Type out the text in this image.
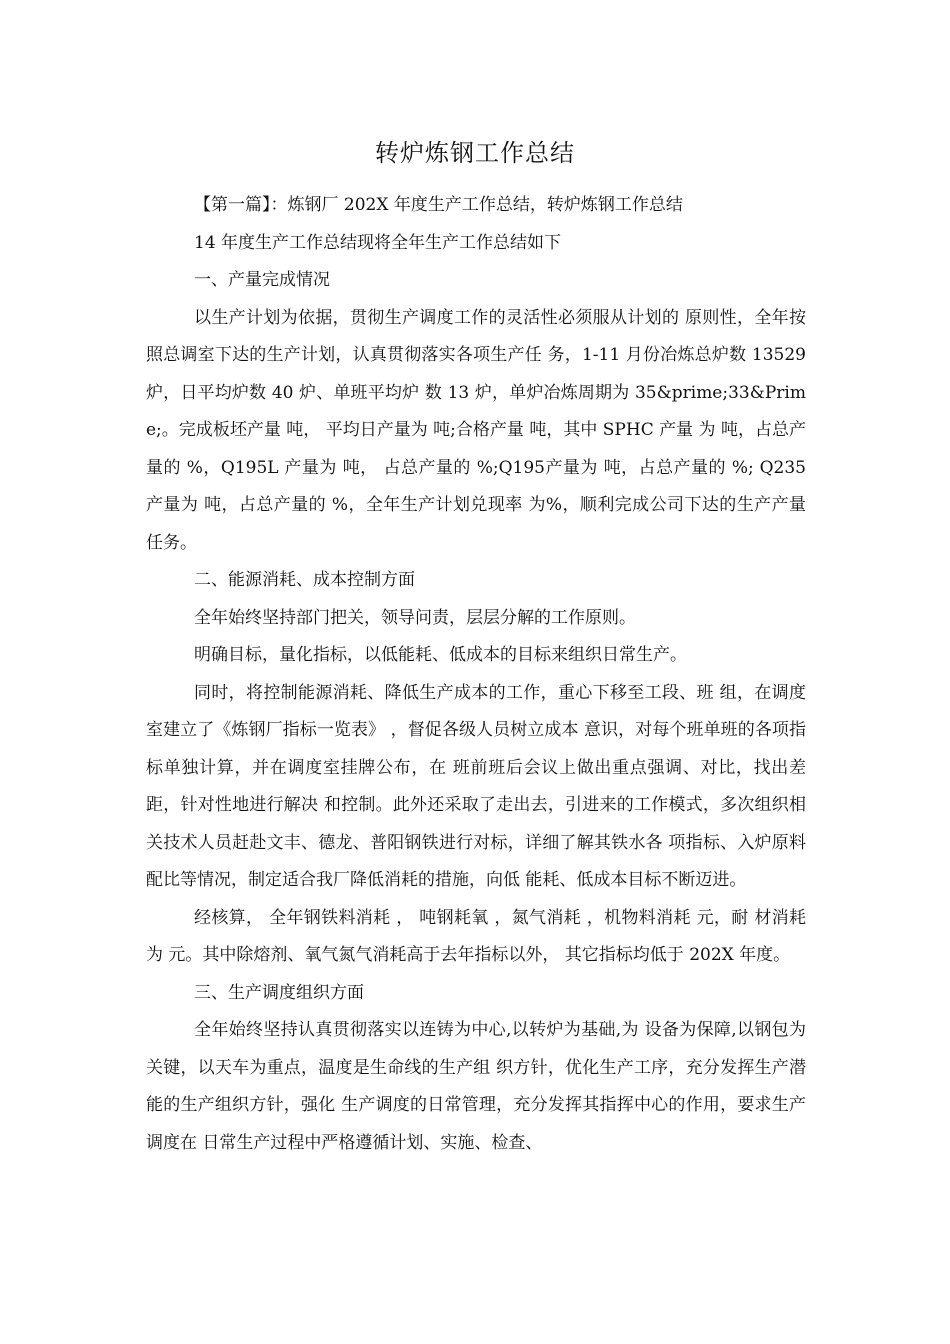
转炉炼钢工作总结

【第一篇】：炼钢厂 202X 年度生产工作总结，转炉炼钢工作总结

14 年度生产工作总结现将全年生产工作总结如下

一、产量完成情况

以生产计划为依据，贯彻生产调度工作的灵活性必须服从计划的 原则性，全年按照总调室下达的生产计划，认真贯彻落实各项生产任 务，1-11 月份冶炼总炉数 13529 炉，日平均炉数 40 炉、单班平均炉 数 13 炉，单炉冶炼周期为 35&prime;33&Prime;。完成板坯产量 吨， 平均日产量为 吨;合格产量 吨，其中 SPHC 产量 为 吨，占总产量的 %，Q195L 产量为 吨， 占总产量的 %;Q195产量为 吨，占总产量的 %; Q235 产量为 吨，占总产量的 %，全年生产计划兑现率 为%，顺利完成公司下达的生产产量任务。

二、能源消耗、成本控制方面

全年始终坚持部门把关，领导问责，层层分解的工作原则。

明确目标，量化指标，以低能耗、低成本的目标来组织日常生产。

同时，将控制能源消耗、降低生产成本的工作，重心下移至工段、班 组，在调度室建立了《炼钢厂指标一览表》 ，督促各级人员树立成本 意识，对每个班单班的各项指标单独计算，并在调度室挂牌公布，在 班前班后会议上做出重点强调、对比，找出差距，针对性地进行解决 和控制。此外还采取了走出去，引进来的工作模式，多次组织相 关技术人员赶赴文丰、德龙、普阳钢铁进行对标，详细了解其铁水各 项指标、入炉原料配比等情况，制定适合我厂降低消耗的措施，向低 能耗、低成本目标不断迈进。

经核算， 全年钢铁料消耗 ， 吨钢耗氧 ，氮气消耗 ，机物料消耗 元，耐 材消耗为 元。其中除熔剂、氧气氮气消耗高于去年指标以外， 其它指标均低于 202X 年度。

三、生产调度组织方面

全年始终坚持认真贯彻落实以连铸为中心,以转炉为基础,为 设备为保障,以钢包为关键，以天车为重点，温度是生命线的生产组 织方针，优化生产工序，充分发挥生产潜能的生产组织方针，强化 生产调度的日常管理，充分发挥其指挥中心的作用，要求生产调度在 日常生产过程中严格遵循计划、实施、检查、
